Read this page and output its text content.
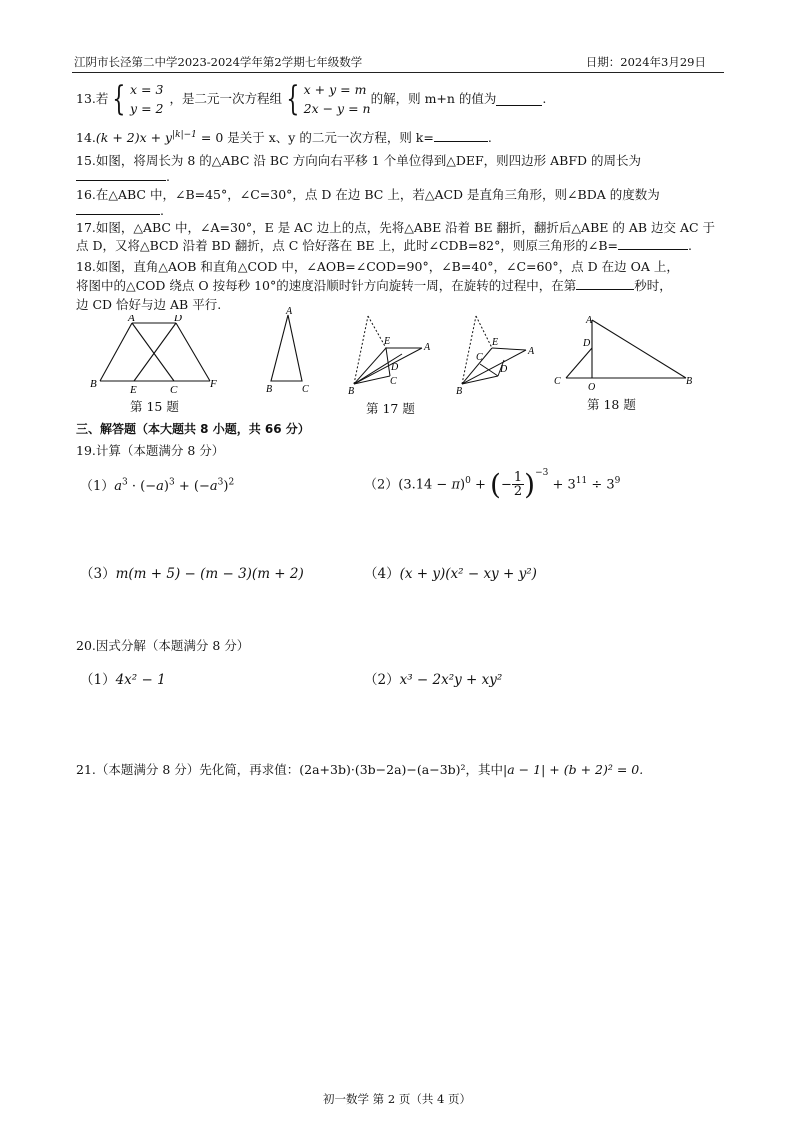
江阴市长泾第二中学2023-2024学年第2学期七年级数学	日期：2024年3月29日
13.若 { x = 3
y = 2，是二元一次方程组 { x + y = m
2x − y = n的解，则 m+n 的值为	.
$14.(k + 2)x + y^{|k|-1} = 0$ 是关于 x、y 的二元一次方程，则 k=	.
15.如图，将周长为 8 的△ABC 沿 BC 方向向右平移 1 个单位得到△DEF，则四边形 ABFD 的周长为
.
16.在△ABC 中，∠B=45°，∠C=30°，点 D 在边 BC 上，若△ACD 是直角三角形，则∠BDA 的度数为
.
17.如图，△ABC 中，∠A=30°，E 是 AC 边上的点，先将△ABE 沿着 BE 翻折，翻折后△ABE 的 AB 边交 AC 于
点 D，又将△BCD 沿着 BD 翻折，点 C 恰好落在 BE 上，此时∠CDB=82°，则原三角形的∠B=	.
18.如图，直角△AOB 和直角△COD 中，∠AOB=∠COD=90°，∠B=40°，∠C=60°，点 D 在边 OA 上，
将图中的△COD 绕点 O 按每秒 10°的速度沿顺时针方向旋转一周，在旋转的过程中，在第	秒时，
边 CD 恰好与边 AB 平行.
A	D
B	E	C	F
第 15 题
A
B	C
E
A
C
D
B
第 17 题
C
E
A
D
B
A
D
C
O
B
第 18 题
三、解答题（本大题共 8 小题，共 66 分）
19.计算（本题满分 8 分）
$(1)a^3 \cdot (-a)^3 + (-a^3)^2$	$(2)(3.14 - \pi)^0$ + (− $\frac{1}{2} )^{-3} + 3^{11} \div 3^9$
（3）m(m + 5) − (m − 3)(m + 2)	（4）(x + y)(x² − xy + y²)
20.因式分解（本题满分 8 分）
（1）4x² − 1	（2）x³ − 2x²y + xy²
21.（本题满分 8 分）先化简，再求值：(2a+3b)·(3b−2a)−(a−3b)²，其中|a − 1| + (b + 2)² = 0.
初一数学 第 2 页（共 4 页）
